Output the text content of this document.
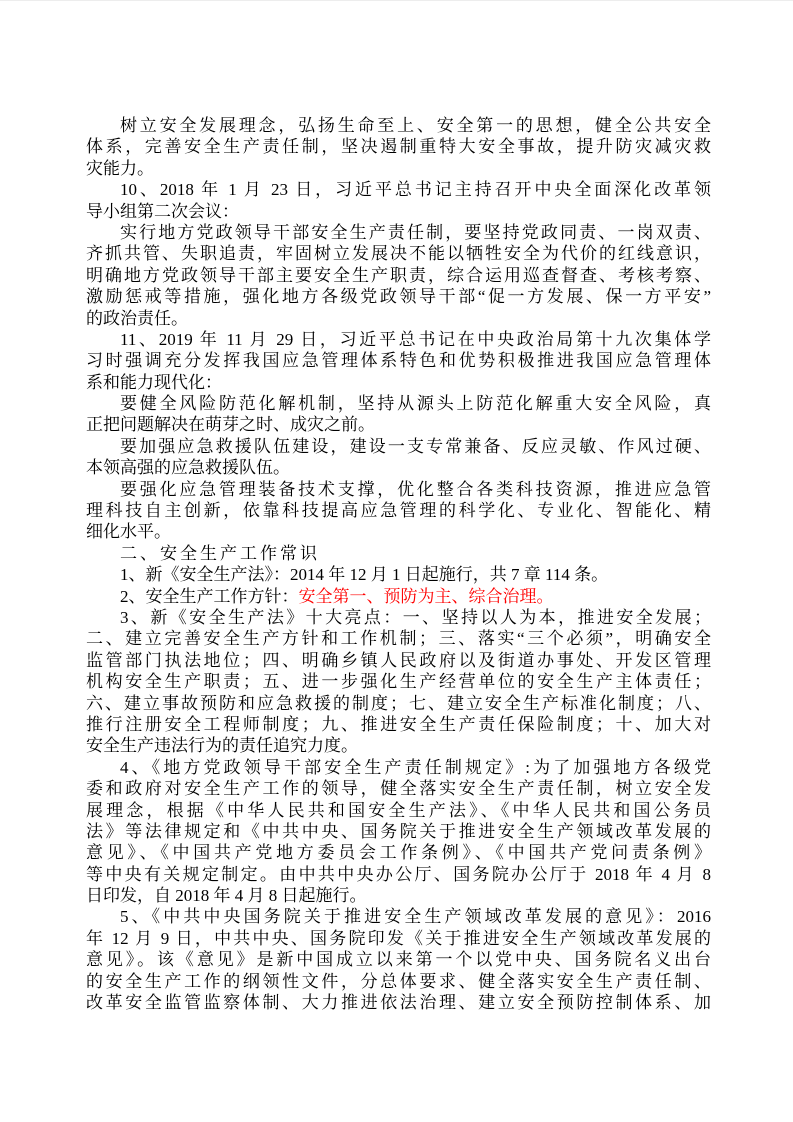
树立安全发展理念，弘扬生命至上、安全第一的思想，健全公共安全
体系，完善安全生产责任制，坚决遏制重特大安全事故，提升防灾减灾救
灾能力。
10、2018 年 1 月 23 日，习近平总书记主持召开中央全面深化改革领
导小组第二次会议：
实行地方党政领导干部安全生产责任制，要坚持党政同责、一岗双责、
齐抓共管、失职追责，牢固树立发展决不能以牺牲安全为代价的红线意识，
明确地方党政领导干部主要安全生产职责，综合运用巡查督查、考核考察、
激励惩戒等措施，强化地方各级党政领导干部“促一方发展、保一方平安”
的政治责任。
11、2019 年 11 月 29 日，习近平总书记在中央政治局第十九次集体学
习时强调充分发挥我国应急管理体系特色和优势积极推进我国应急管理体
系和能力现代化：
要健全风险防范化解机制，坚持从源头上防范化解重大安全风险，真
正把问题解决在萌芽之时、成灾之前。
要加强应急救援队伍建设，建设一支专常兼备、反应灵敏、作风过硬、
本领高强的应急救援队伍。
要强化应急管理装备技术支撑，优化整合各类科技资源，推进应急管
理科技自主创新，依靠科技提高应急管理的科学化、专业化、智能化、精
细化水平。
二、安全生产工作常识
1、新《安全生产法》：2014 年 12 月 1 日起施行，共 7 章 114 条。
2、安全生产工作方针：安全第一、预防为主、综合治理。
3、新《安全生产法》十大亮点：一、坚持以人为本，推进安全发展；
二、建立完善安全生产方针和工作机制；三、落实“三个必须”，明确安全
监管部门执法地位；四、明确乡镇人民政府以及街道办事处、开发区管理
机构安全生产职责；五、进一步强化生产经营单位的安全生产主体责任；
六、建立事故预防和应急救援的制度；七、建立安全生产标准化制度；八、
推行注册安全工程师制度；九、推进安全生产责任保险制度；十、加大对
安全生产违法行为的责任追究力度。
4、《地方党政领导干部安全生产责任制规定》:为了加强地方各级党
委和政府对安全生产工作的领导，健全落实安全生产责任制，树立安全发
展理念，根据《中华人民共和国安全生产法》、《中华人民共和国公务员
法》等法律规定和《中共中央、国务院关于推进安全生产领域改革发展的
意见》、《中国共产党地方委员会工作条例》、《中国共产党问责条例》
等中央有关规定制定。由中共中央办公厅、国务院办公厅于 2018 年 4 月 8
日印发，自 2018 年 4 月 8 日起施行。
5、《中共中央国务院关于推进安全生产领域改革发展的意见》：2016
年 12 月 9 日，中共中央、国务院印发《关于推进安全生产领域改革发展的
意见》。该《意见》是新中国成立以来第一个以党中央、国务院名义出台
的安全生产工作的纲领性文件，分总体要求、健全落实安全生产责任制、
改革安全监管监察体制、大力推进依法治理、建立安全预防控制体系、加
